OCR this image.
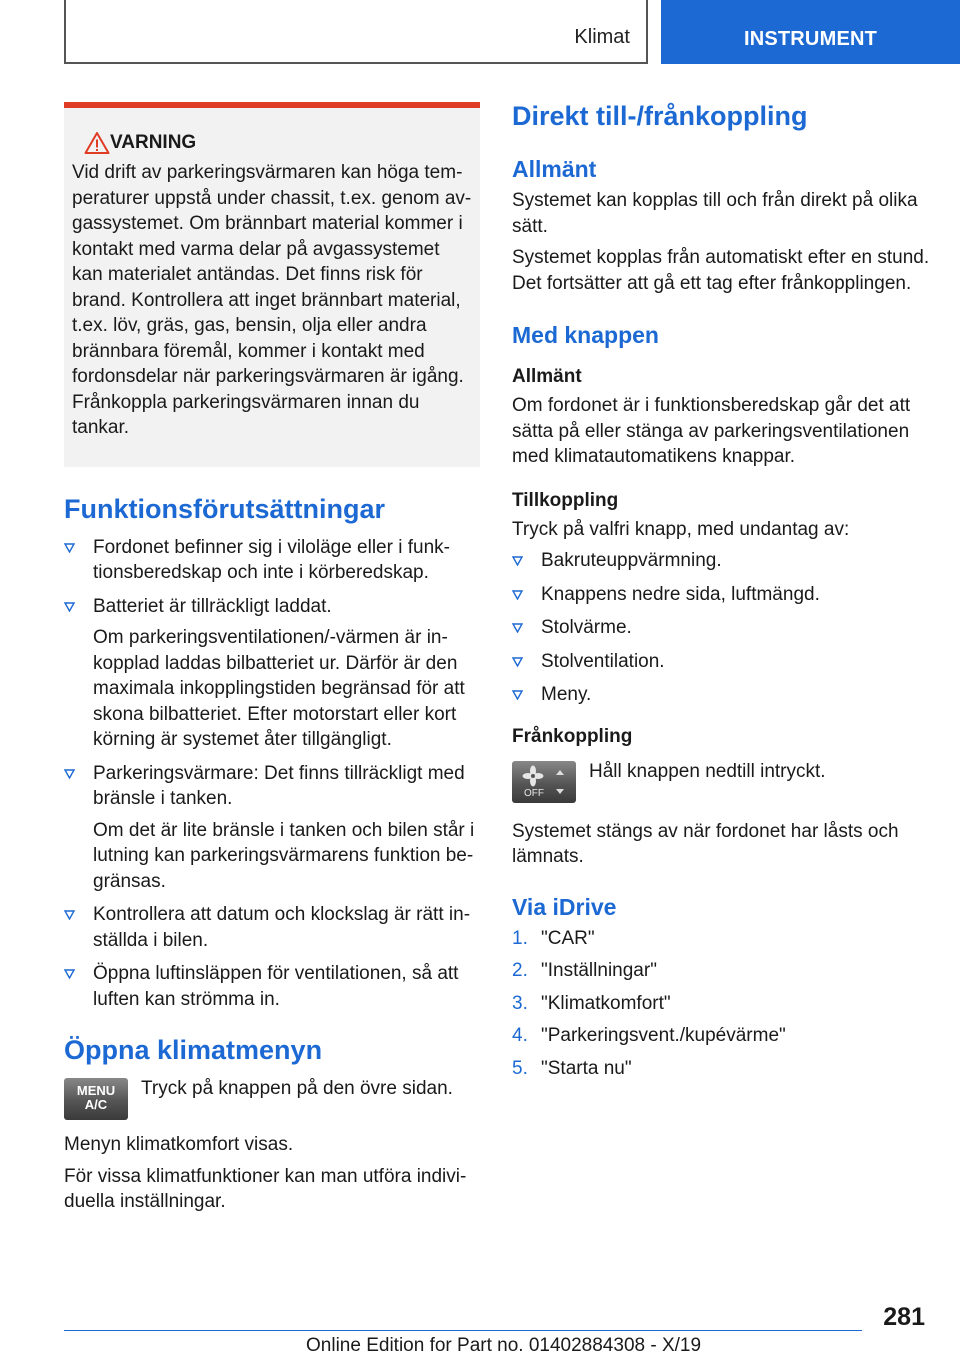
Klimat	INSTRUMENT
VARNING

Vid drift av parkeringsvärmaren kan höga temperaturer uppstå under chassit, t.ex. genom avgassystemet. Om brännbart material kommer i kontakt med varma delar på avgassystemet kan materialet antändas. Det finns risk för brand. Kontrollera att inget brännbart material, t.ex. löv, gräs, gas, bensin, olja eller andra brännbara föremål, kommer i kontakt med fordonsdelar när parkeringsvärmaren är igång. Frånkoppla parkeringsvärmaren innan du tankar.

Funktionsförutsättningar
Fordonet befinner sig i viloläge eller i funktionsberedskap och inte i körberedskap.
Batteriet är tillräckligt laddat.
Om parkeringsventilationen/-värmen är inkopplad laddas bilbatteriet ur. Därför är den maximala inkopplingstiden begränsad för att skona bilbatteriet. Efter motorstart eller kort körning är systemet åter tillgängligt.
Parkeringsvärmare: Det finns tillräckligt med bränsle i tanken.
Om det är lite bränsle i tanken och bilen står i lutning kan parkeringsvärmarens funktion begränsas.
Kontrollera att datum och klockslag är rätt inställda i bilen.
Öppna luftinsläppen för ventilationen, så att luften kan strömma in.
Öppna klimatmenyn
MENU
A/C

Tryck på knappen på den övre sidan.

Menyn klimatkomfort visas.

För vissa klimatfunktioner kan man utföra individuella inställningar.

Direkt till-/frånkoppling
Allmänt

Systemet kan kopplas till och från direkt på olika sätt.

Systemet kopplas från automatiskt efter en stund. Det fortsätter att gå ett tag efter frånkopplingen.

Med knappen
Allmänt

Om fordonet är i funktionsberedskap går det att sätta på eller stänga av parkeringsventilationen med klimatautomatikens knappar.

Tillkoppling

Tryck på valfri knapp, med undantag av:

Bakruteuppvärmning.
Knappens nedre sida, luftmängd.
Stolvärme.
Stolventilation.
Meny.
Frånkoppling
OFF

Håll knappen nedtill intryckt.

Systemet stängs av när fordonet har låsts och lämnats.

Via iDrive
1. "CAR"
2. "Inställningar"
3. "Klimatkomfort"
4. "Parkeringsvent./kupévärme"
5. "Starta nu"
281
Online Edition for Part no. 01402884308 - X/19
